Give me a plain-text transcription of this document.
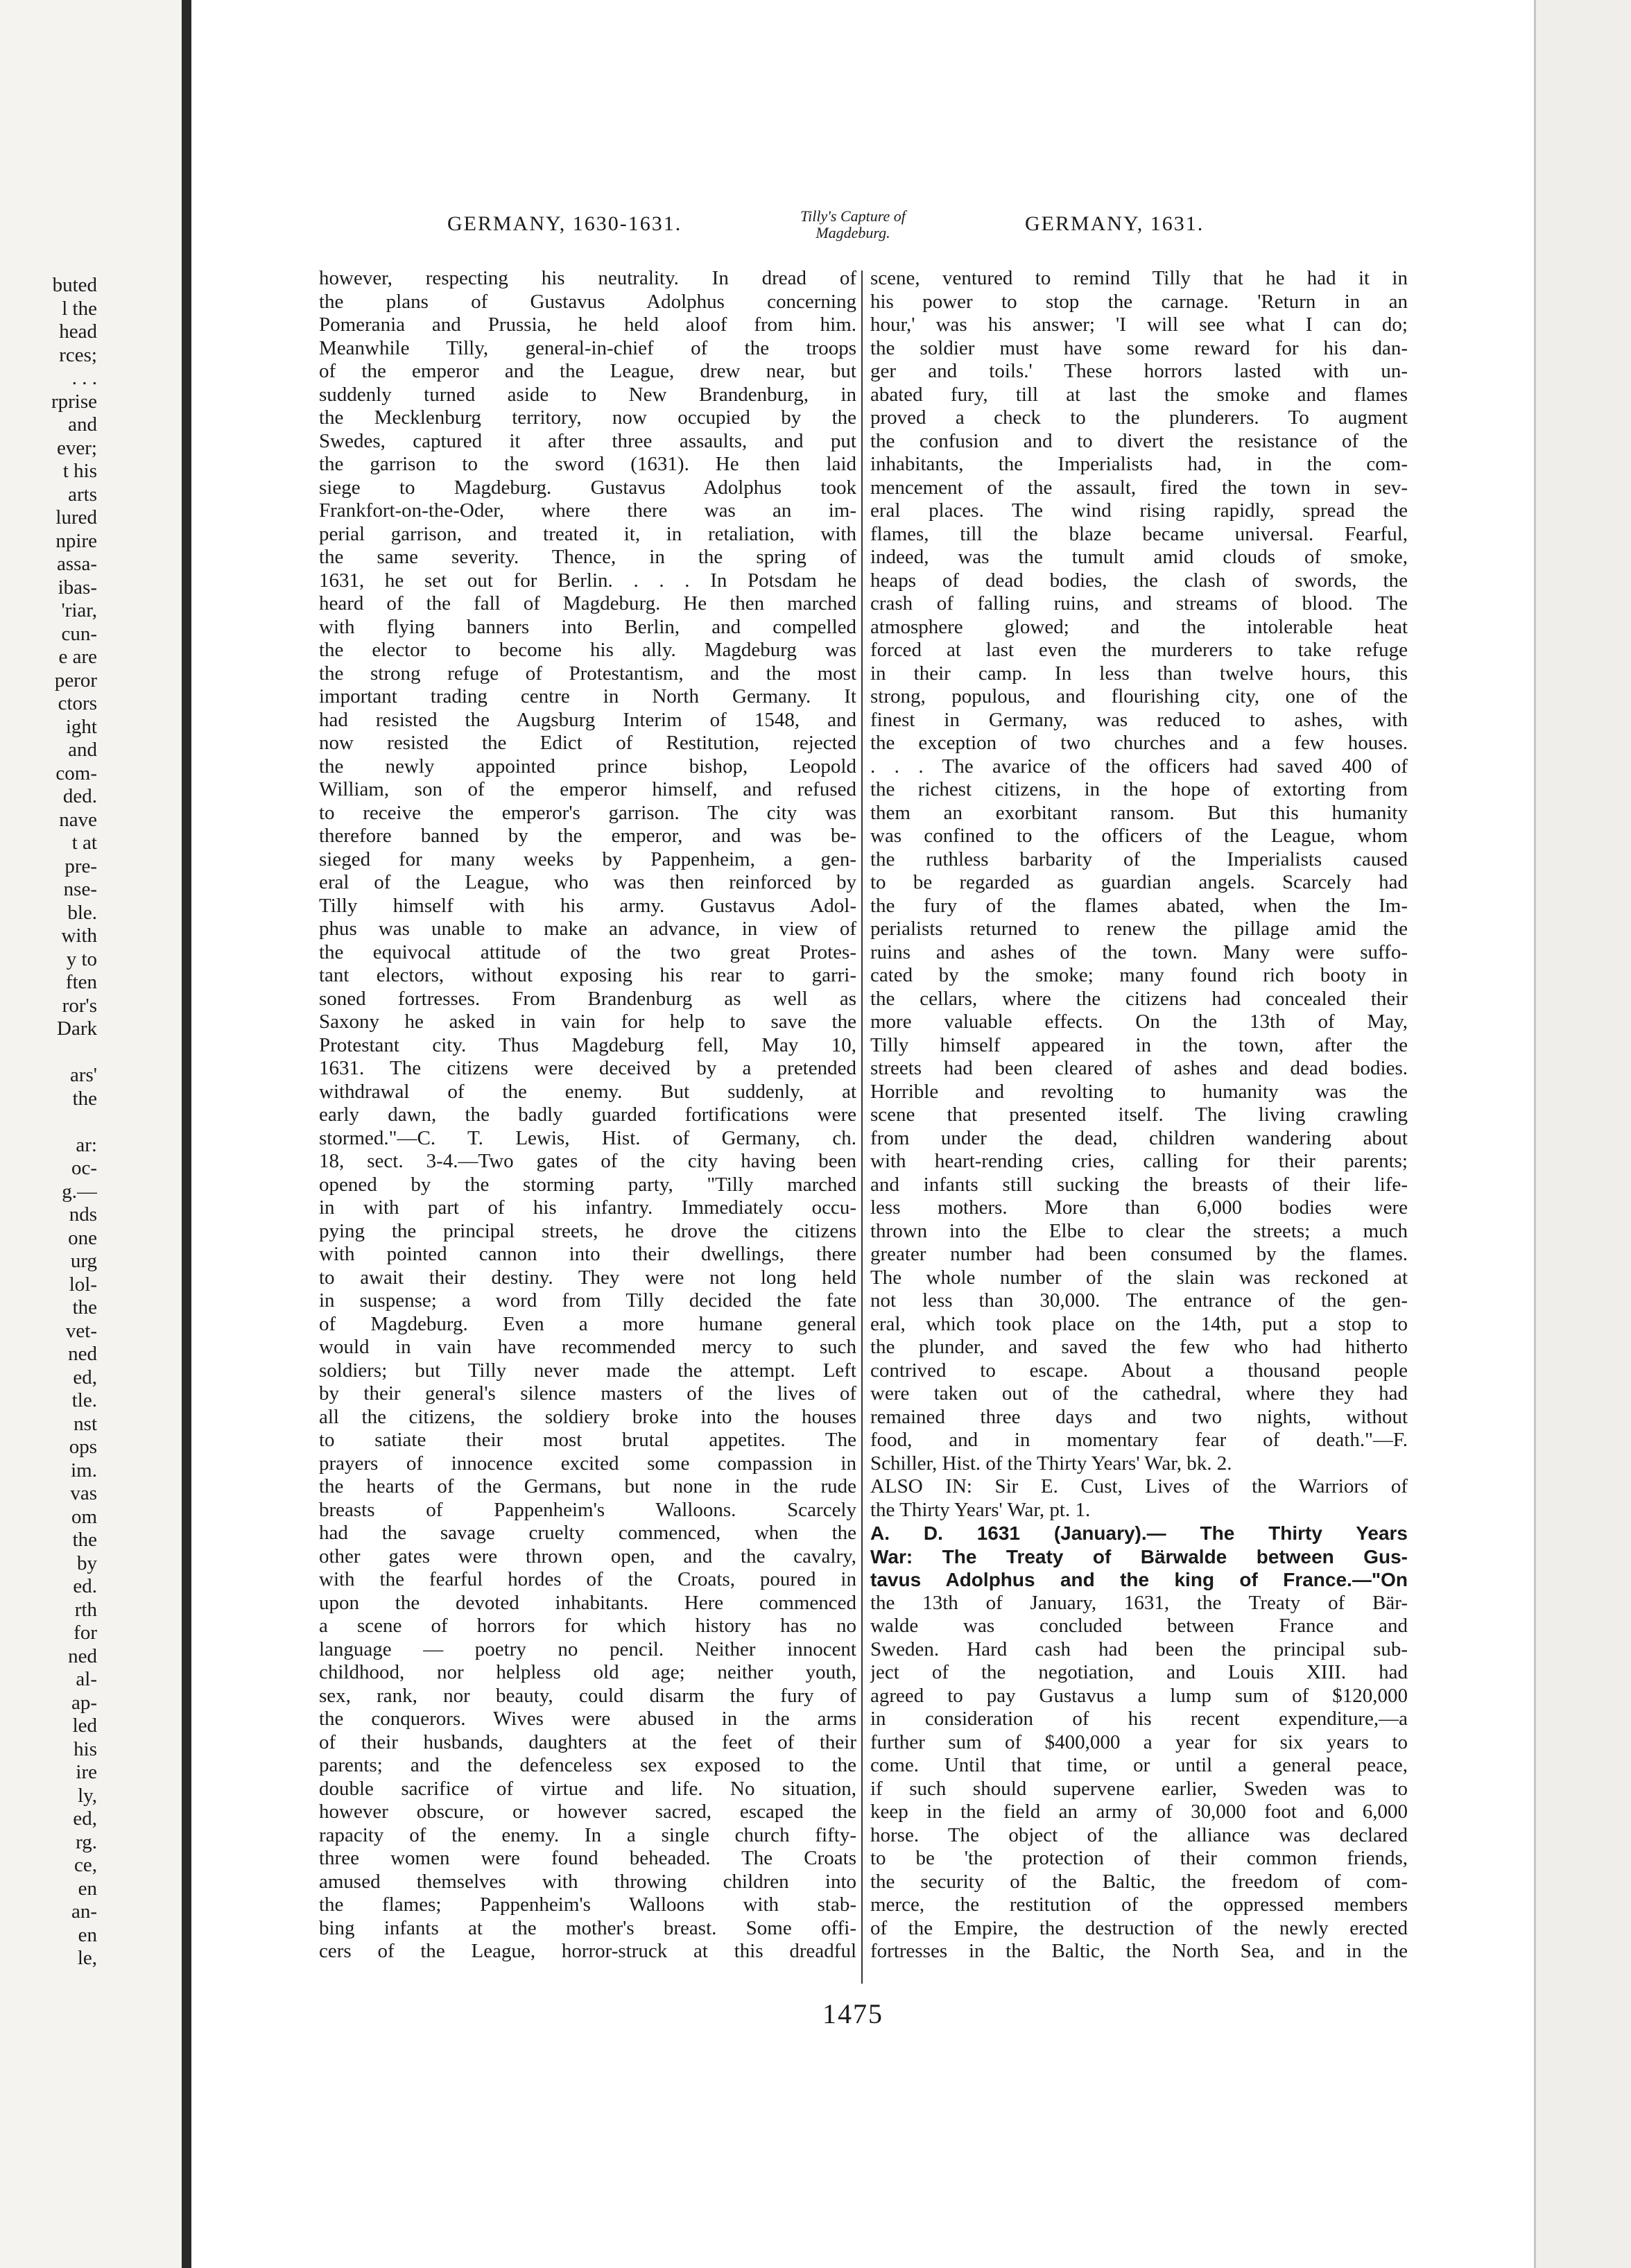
buted
l the
head
rces;
. . .
rprise
and
ever;
t his
arts
lured
npire
assa-
ibas-
'riar,
cun-
e are
peror
ctors
ight
and
com-
ded.
nave
t at
pre-
nse-
ble.
with
y to
ften
ror's
Dark
ars'
the
ar:
oc-
g.—
nds
one
urg
lol-
the
vet-
ned
ed,
tle.
nst
ops
im.
vas
om
the
by
ed.
rth
for
ned
al-
ap-
led
his
ire
ly,
ed,
rg.
ce,
en
an-
en
le,
GERMANY, 1630-1631.	Tilly's Capture of
Magdeburg.	GERMANY, 1631.
however, respecting his neutrality. In dread of
the plans of Gustavus Adolphus concerning
Pomerania and Prussia, he held aloof from him.
Meanwhile Tilly, general-in-chief of the troops
of the emperor and the League, drew near, but
suddenly turned aside to New Brandenburg, in
the Mecklenburg territory, now occupied by the
Swedes, captured it after three assaults, and put
the garrison to the sword (1631). He then laid
siege to Magdeburg. Gustavus Adolphus took
Frankfort-on-the-Oder, where there was an im-
perial garrison, and treated it, in retaliation, with
the same severity. Thence, in the spring of
1631, he set out for Berlin. . . . In Potsdam he
heard of the fall of Magdeburg. He then marched
with flying banners into Berlin, and compelled
the elector to become his ally. Magdeburg was
the strong refuge of Protestantism, and the most
important trading centre in North Germany. It
had resisted the Augsburg Interim of 1548, and
now resisted the Edict of Restitution, rejected
the newly appointed prince bishop, Leopold
William, son of the emperor himself, and refused
to receive the emperor's garrison. The city was
therefore banned by the emperor, and was be-
sieged for many weeks by Pappenheim, a gen-
eral of the League, who was then reinforced by
Tilly himself with his army. Gustavus Adol-
phus was unable to make an advance, in view of
the equivocal attitude of the two great Protes-
tant electors, without exposing his rear to garri-
soned fortresses. From Brandenburg as well as
Saxony he asked in vain for help to save the
Protestant city. Thus Magdeburg fell, May 10,
1631. The citizens were deceived by a pretended
withdrawal of the enemy. But suddenly, at
early dawn, the badly guarded fortifications were
stormed."—C. T. Lewis, Hist. of Germany, ch.
18, sect. 3-4.—Two gates of the city having been
opened by the storming party, "Tilly marched
in with part of his infantry. Immediately occu-
pying the principal streets, he drove the citizens
with pointed cannon into their dwellings, there
to await their destiny. They were not long held
in suspense; a word from Tilly decided the fate
of Magdeburg. Even a more humane general
would in vain have recommended mercy to such
soldiers; but Tilly never made the attempt. Left
by their general's silence masters of the lives of
all the citizens, the soldiery broke into the houses
to satiate their most brutal appetites. The
prayers of innocence excited some compassion in
the hearts of the Germans, but none in the rude
breasts of Pappenheim's Walloons. Scarcely
had the savage cruelty commenced, when the
other gates were thrown open, and the cavalry,
with the fearful hordes of the Croats, poured in
upon the devoted inhabitants. Here commenced
a scene of horrors for which history has no
language — poetry no pencil. Neither innocent
childhood, nor helpless old age; neither youth,
sex, rank, nor beauty, could disarm the fury of
the conquerors. Wives were abused in the arms
of their husbands, daughters at the feet of their
parents; and the defenceless sex exposed to the
double sacrifice of virtue and life. No situation,
however obscure, or however sacred, escaped the
rapacity of the enemy. In a single church fifty-
three women were found beheaded. The Croats
amused themselves with throwing children into
the flames; Pappenheim's Walloons with stab-
bing infants at the mother's breast. Some offi-
cers of the League, horror-struck at this dreadful
scene, ventured to remind Tilly that he had it in
his power to stop the carnage. 'Return in an
hour,' was his answer; 'I will see what I can do;
the soldier must have some reward for his dan-
ger and toils.' These horrors lasted with un-
abated fury, till at last the smoke and flames
proved a check to the plunderers. To augment
the confusion and to divert the resistance of the
inhabitants, the Imperialists had, in the com-
mencement of the assault, fired the town in sev-
eral places. The wind rising rapidly, spread the
flames, till the blaze became universal. Fearful,
indeed, was the tumult amid clouds of smoke,
heaps of dead bodies, the clash of swords, the
crash of falling ruins, and streams of blood. The
atmosphere glowed; and the intolerable heat
forced at last even the murderers to take refuge
in their camp. In less than twelve hours, this
strong, populous, and flourishing city, one of the
finest in Germany, was reduced to ashes, with
the exception of two churches and a few houses.
. . . The avarice of the officers had saved 400 of
the richest citizens, in the hope of extorting from
them an exorbitant ransom. But this humanity
was confined to the officers of the League, whom
the ruthless barbarity of the Imperialists caused
to be regarded as guardian angels. Scarcely had
the fury of the flames abated, when the Im-
perialists returned to renew the pillage amid the
ruins and ashes of the town. Many were suffo-
cated by the smoke; many found rich booty in
the cellars, where the citizens had concealed their
more valuable effects. On the 13th of May,
Tilly himself appeared in the town, after the
streets had been cleared of ashes and dead bodies.
Horrible and revolting to humanity was the
scene that presented itself. The living crawling
from under the dead, children wandering about
with heart-rending cries, calling for their parents;
and infants still sucking the breasts of their life-
less mothers. More than 6,000 bodies were
thrown into the Elbe to clear the streets; a much
greater number had been consumed by the flames.
The whole number of the slain was reckoned at
not less than 30,000. The entrance of the gen-
eral, which took place on the 14th, put a stop to
the plunder, and saved the few who had hitherto
contrived to escape. About a thousand people
were taken out of the cathedral, where they had
remained three days and two nights, without
food, and in momentary fear of death."—F.
Schiller, Hist. of the Thirty Years' War, bk. 2.
ALSO IN: Sir E. Cust, Lives of the Warriors of
the Thirty Years' War, pt. 1.
A. D. 1631 (January).— The Thirty Years
War: The Treaty of Bärwalde between Gus-
tavus Adolphus and the king of France.—"On
the 13th of January, 1631, the Treaty of Bär-
walde was concluded between France and
Sweden. Hard cash had been the principal sub-
ject of the negotiation, and Louis XIII. had
agreed to pay Gustavus a lump sum of $120,000
in consideration of his recent expenditure,—a
further sum of $400,000 a year for six years to
come. Until that time, or until a general peace,
if such should supervene earlier, Sweden was to
keep in the field an army of 30,000 foot and 6,000
horse. The object of the alliance was declared
to be 'the protection of their common friends,
the security of the Baltic, the freedom of com-
merce, the restitution of the oppressed members
of the Empire, the destruction of the newly erected
fortresses in the Baltic, the North Sea, and in the
1475
